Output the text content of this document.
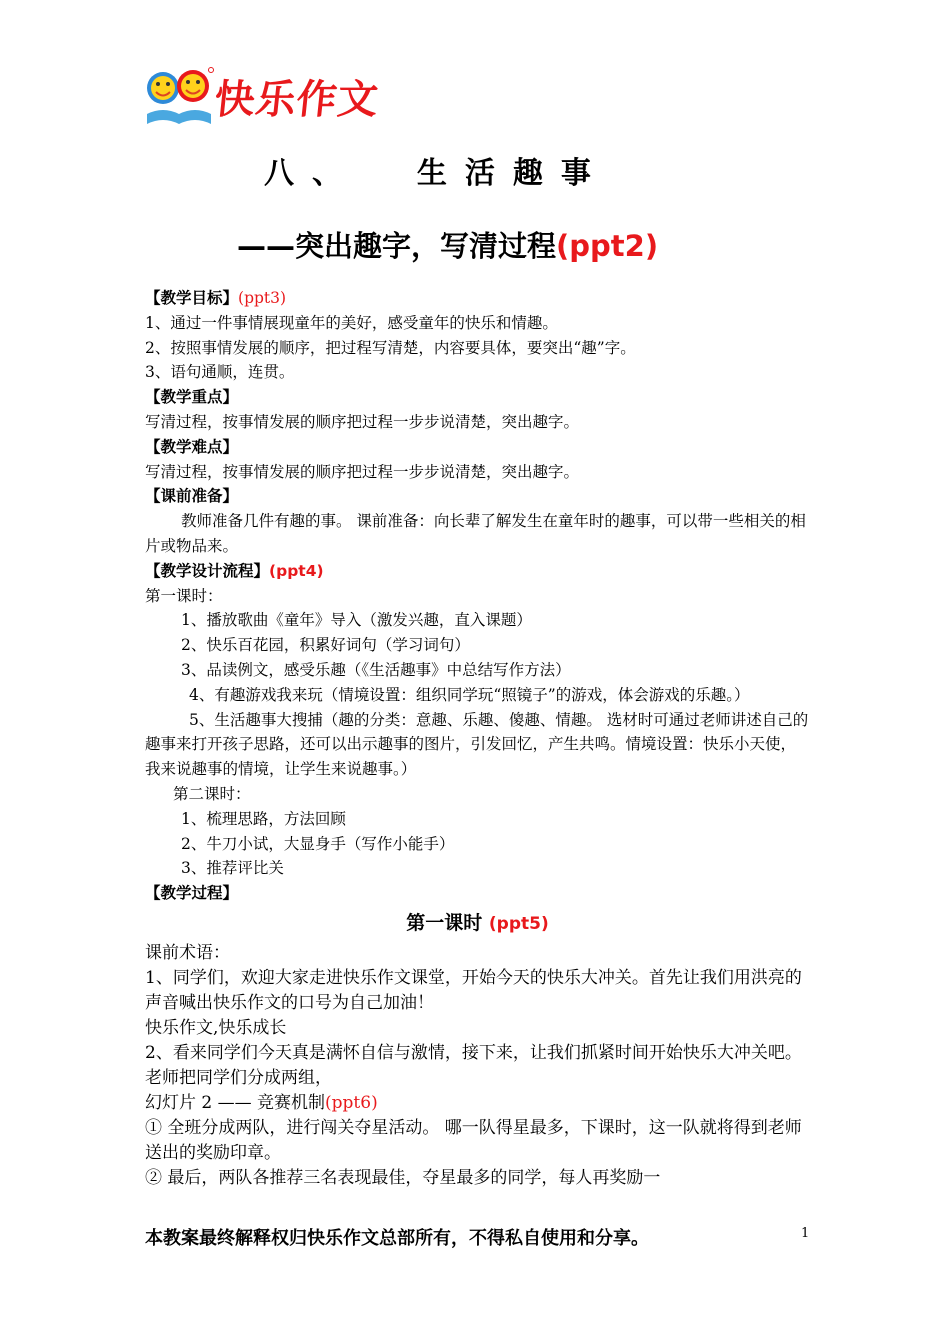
快乐作文
八、  生活趣事
——突出趣字，写清过程(ppt2)

【教学目标】(ppt3)

1、通过一件事情展现童年的美好，感受童年的快乐和情趣。

2、按照事情发展的顺序，把过程写清楚，内容要具体，要突出“趣”字。

3、语句通顺，连贯。

【教学重点】

写清过程，按事情发展的顺序把过程一步步说清楚，突出趣字。

【教学难点】

写清过程，按事情发展的顺序把过程一步步说清楚，突出趣字。

【课前准备】

教师准备几件有趣的事。 课前准备：向长辈了解发生在童年时的趣事，可以带一些相关的相片或物品来。

【教学设计流程】(ppt4)

第一课时：

1、播放歌曲《童年》导入（激发兴趣，直入课题）

2、快乐百花园，积累好词句（学习词句）

3、品读例文，感受乐趣（《生活趣事》中总结写作方法）

4、有趣游戏我来玩（情境设置：组织同学玩“照镜子”的游戏，体会游戏的乐趣。）

5、生活趣事大搜捕（趣的分类：意趣、乐趣、傻趣、情趣。 选材时可通过老师讲述自己的趣事来打开孩子思路，还可以出示趣事的图片，引发回忆，产生共鸣。情境设置：快乐小天使，我来说趣事的情境，让学生来说趣事。）

第二课时：

1、梳理思路，方法回顾

2、牛刀小试，大显身手（写作小能手）

3、推荐评比关

【教学过程】

第一课时 (ppt5)

课前术语：

1、同学们，欢迎大家走进快乐作文课堂，开始今天的快乐大冲关。首先让我们用洪亮的声音喊出快乐作文的口号为自己加油！

快乐作文,快乐成长

2、看来同学们今天真是满怀自信与激情，接下来，让我们抓紧时间开始快乐大冲关吧。老师把同学们分成两组，

幻灯片 2 —— 竞赛机制(ppt6)

① 全班分成两队，进行闯关夺星活动。 哪一队得星最多，下课时，这一队就将得到老师送出的奖励印章。

② 最后，两队各推荐三名表现最佳，夺星最多的同学，每人再奖励一

本教案最终解释权归快乐作文总部所有，不得私自使用和分享。	1
